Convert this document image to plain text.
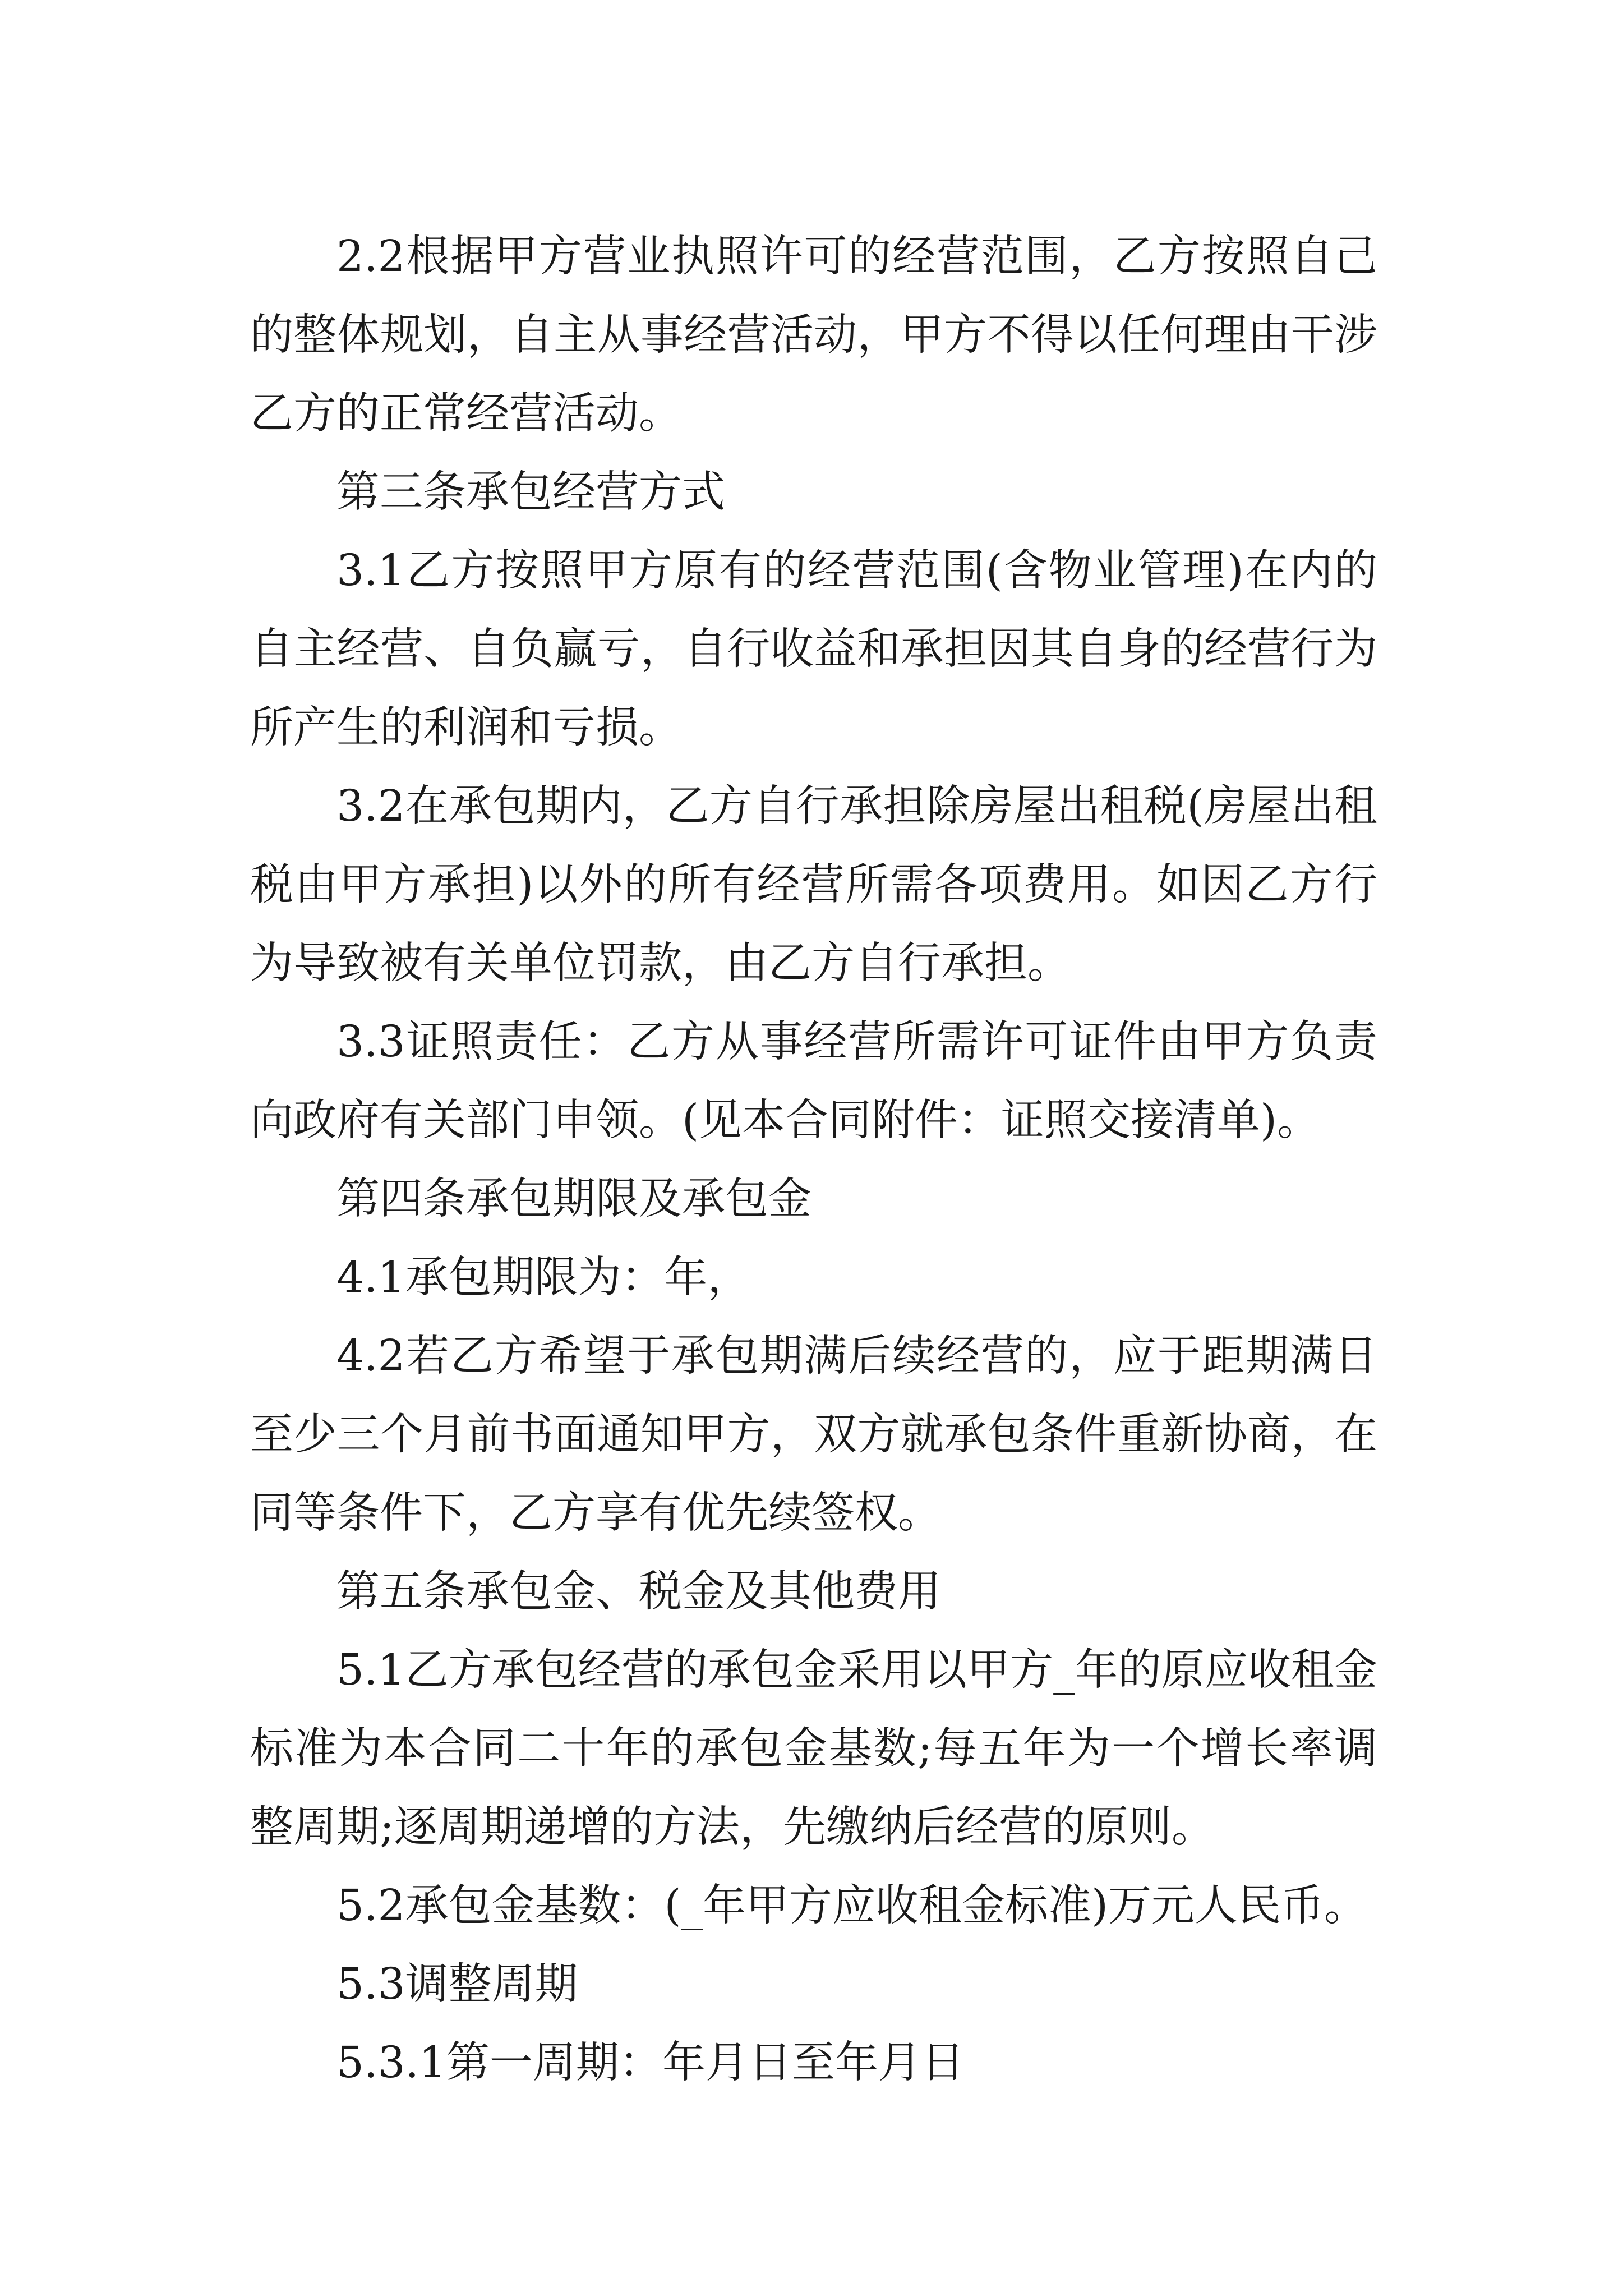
2.2根据甲方营业执照许可的经营范围，乙方按照自己的整体规划，自主从事经营活动，甲方不得以任何理由干涉乙方的正常经营活动。

第三条承包经营方式

3.1乙方按照甲方原有的经营范围(含物业管理)在内的自主经营、自负赢亏，自行收益和承担因其自身的经营行为所产生的利润和亏损。

3.2在承包期内，乙方自行承担除房屋出租税(房屋出租税由甲方承担)以外的所有经营所需各项费用。如因乙方行为导致被有关单位罚款，由乙方自行承担。

3.3证照责任：乙方从事经营所需许可证件由甲方负责向政府有关部门申领。(见本合同附件：证照交接清单)。

第四条承包期限及承包金

4.1承包期限为：年，

4.2若乙方希望于承包期满后续经营的，应于距期满日至少三个月前书面通知甲方，双方就承包条件重新协商，在同等条件下，乙方享有优先续签权。

第五条承包金、税金及其他费用

5.1乙方承包经营的承包金采用以甲方_年的原应收租金标准为本合同二十年的承包金基数;每五年为一个增长率调整周期;逐周期递增的方法，先缴纳后经营的原则。

5.2承包金基数：(_年甲方应收租金标准)万元人民币。

5.3调整周期

5.3.1第一周期：年月日至年月日
